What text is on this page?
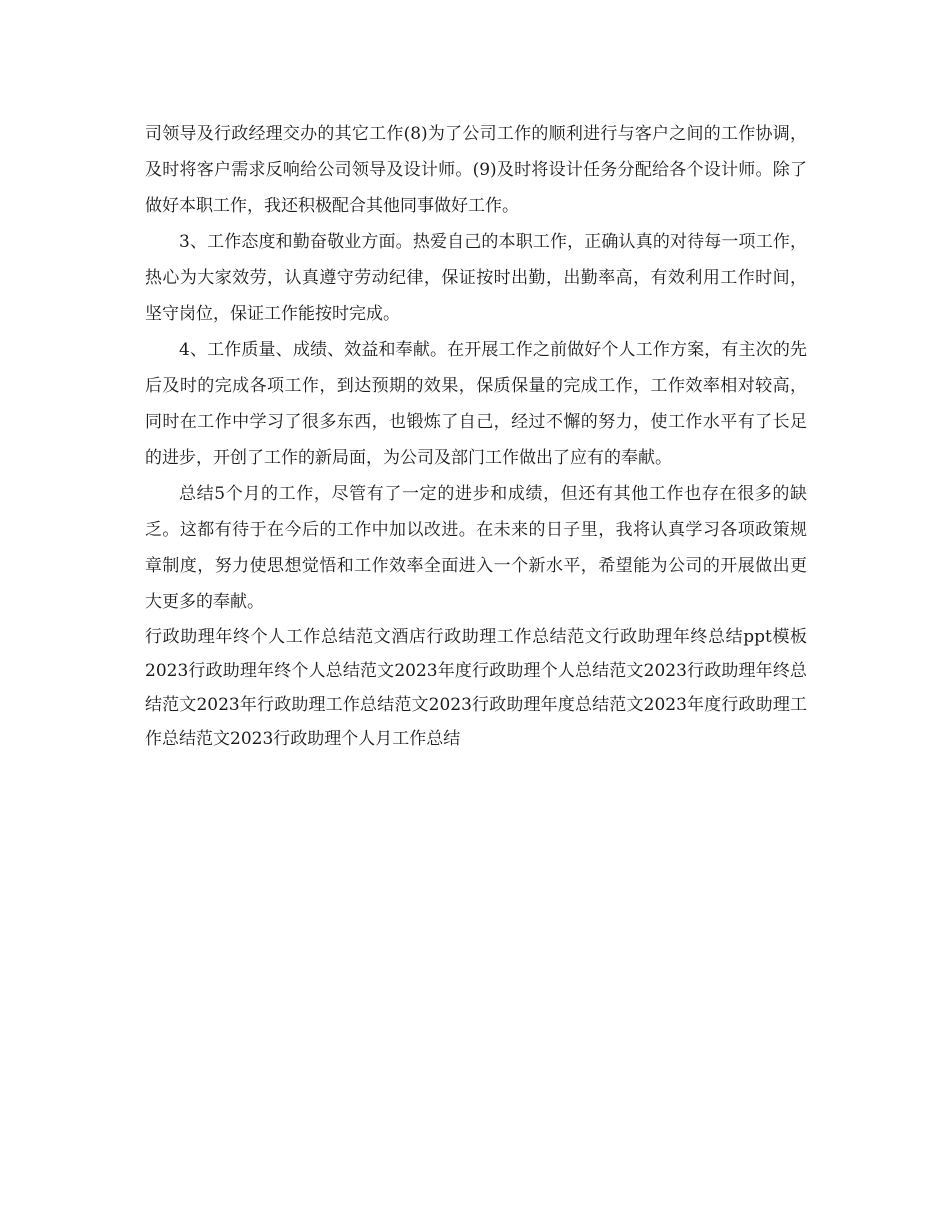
司领导及行政经理交办的其它工作(8)为了公司工作的顺利进行与客户之间的工作协调，及时将客户需求反响给公司领导及设计师。(9)及时将设计任务分配给各个设计师。除了做好本职工作，我还积极配合其他同事做好工作。

3、工作态度和勤奋敬业方面。热爱自己的本职工作，正确认真的对待每一项工作，热心为大家效劳，认真遵守劳动纪律，保证按时出勤，出勤率高，有效利用工作时间，坚守岗位，保证工作能按时完成。

4、工作质量、成绩、效益和奉献。在开展工作之前做好个人工作方案，有主次的先后及时的完成各项工作，到达预期的效果，保质保量的完成工作，工作效率相对较高，同时在工作中学习了很多东西，也锻炼了自己，经过不懈的努力，使工作水平有了长足的进步，开创了工作的新局面，为公司及部门工作做出了应有的奉献。

总结5个月的工作，尽管有了一定的进步和成绩，但还有其他工作也存在很多的缺乏。这都有待于在今后的工作中加以改进。在未来的日子里，我将认真学习各项政策规章制度，努力使思想觉悟和工作效率全面进入一个新水平，希望能为公司的开展做出更大更多的奉献。

行政助理年终个人工作总结范文酒店行政助理工作总结范文行政助理年终总结ppt模板2023行政助理年终个人总结范文2023年度行政助理个人总结范文2023行政助理年终总结范文2023年行政助理工作总结范文2023行政助理年度总结范文2023年度行政助理工作总结范文2023行政助理个人月工作总结
